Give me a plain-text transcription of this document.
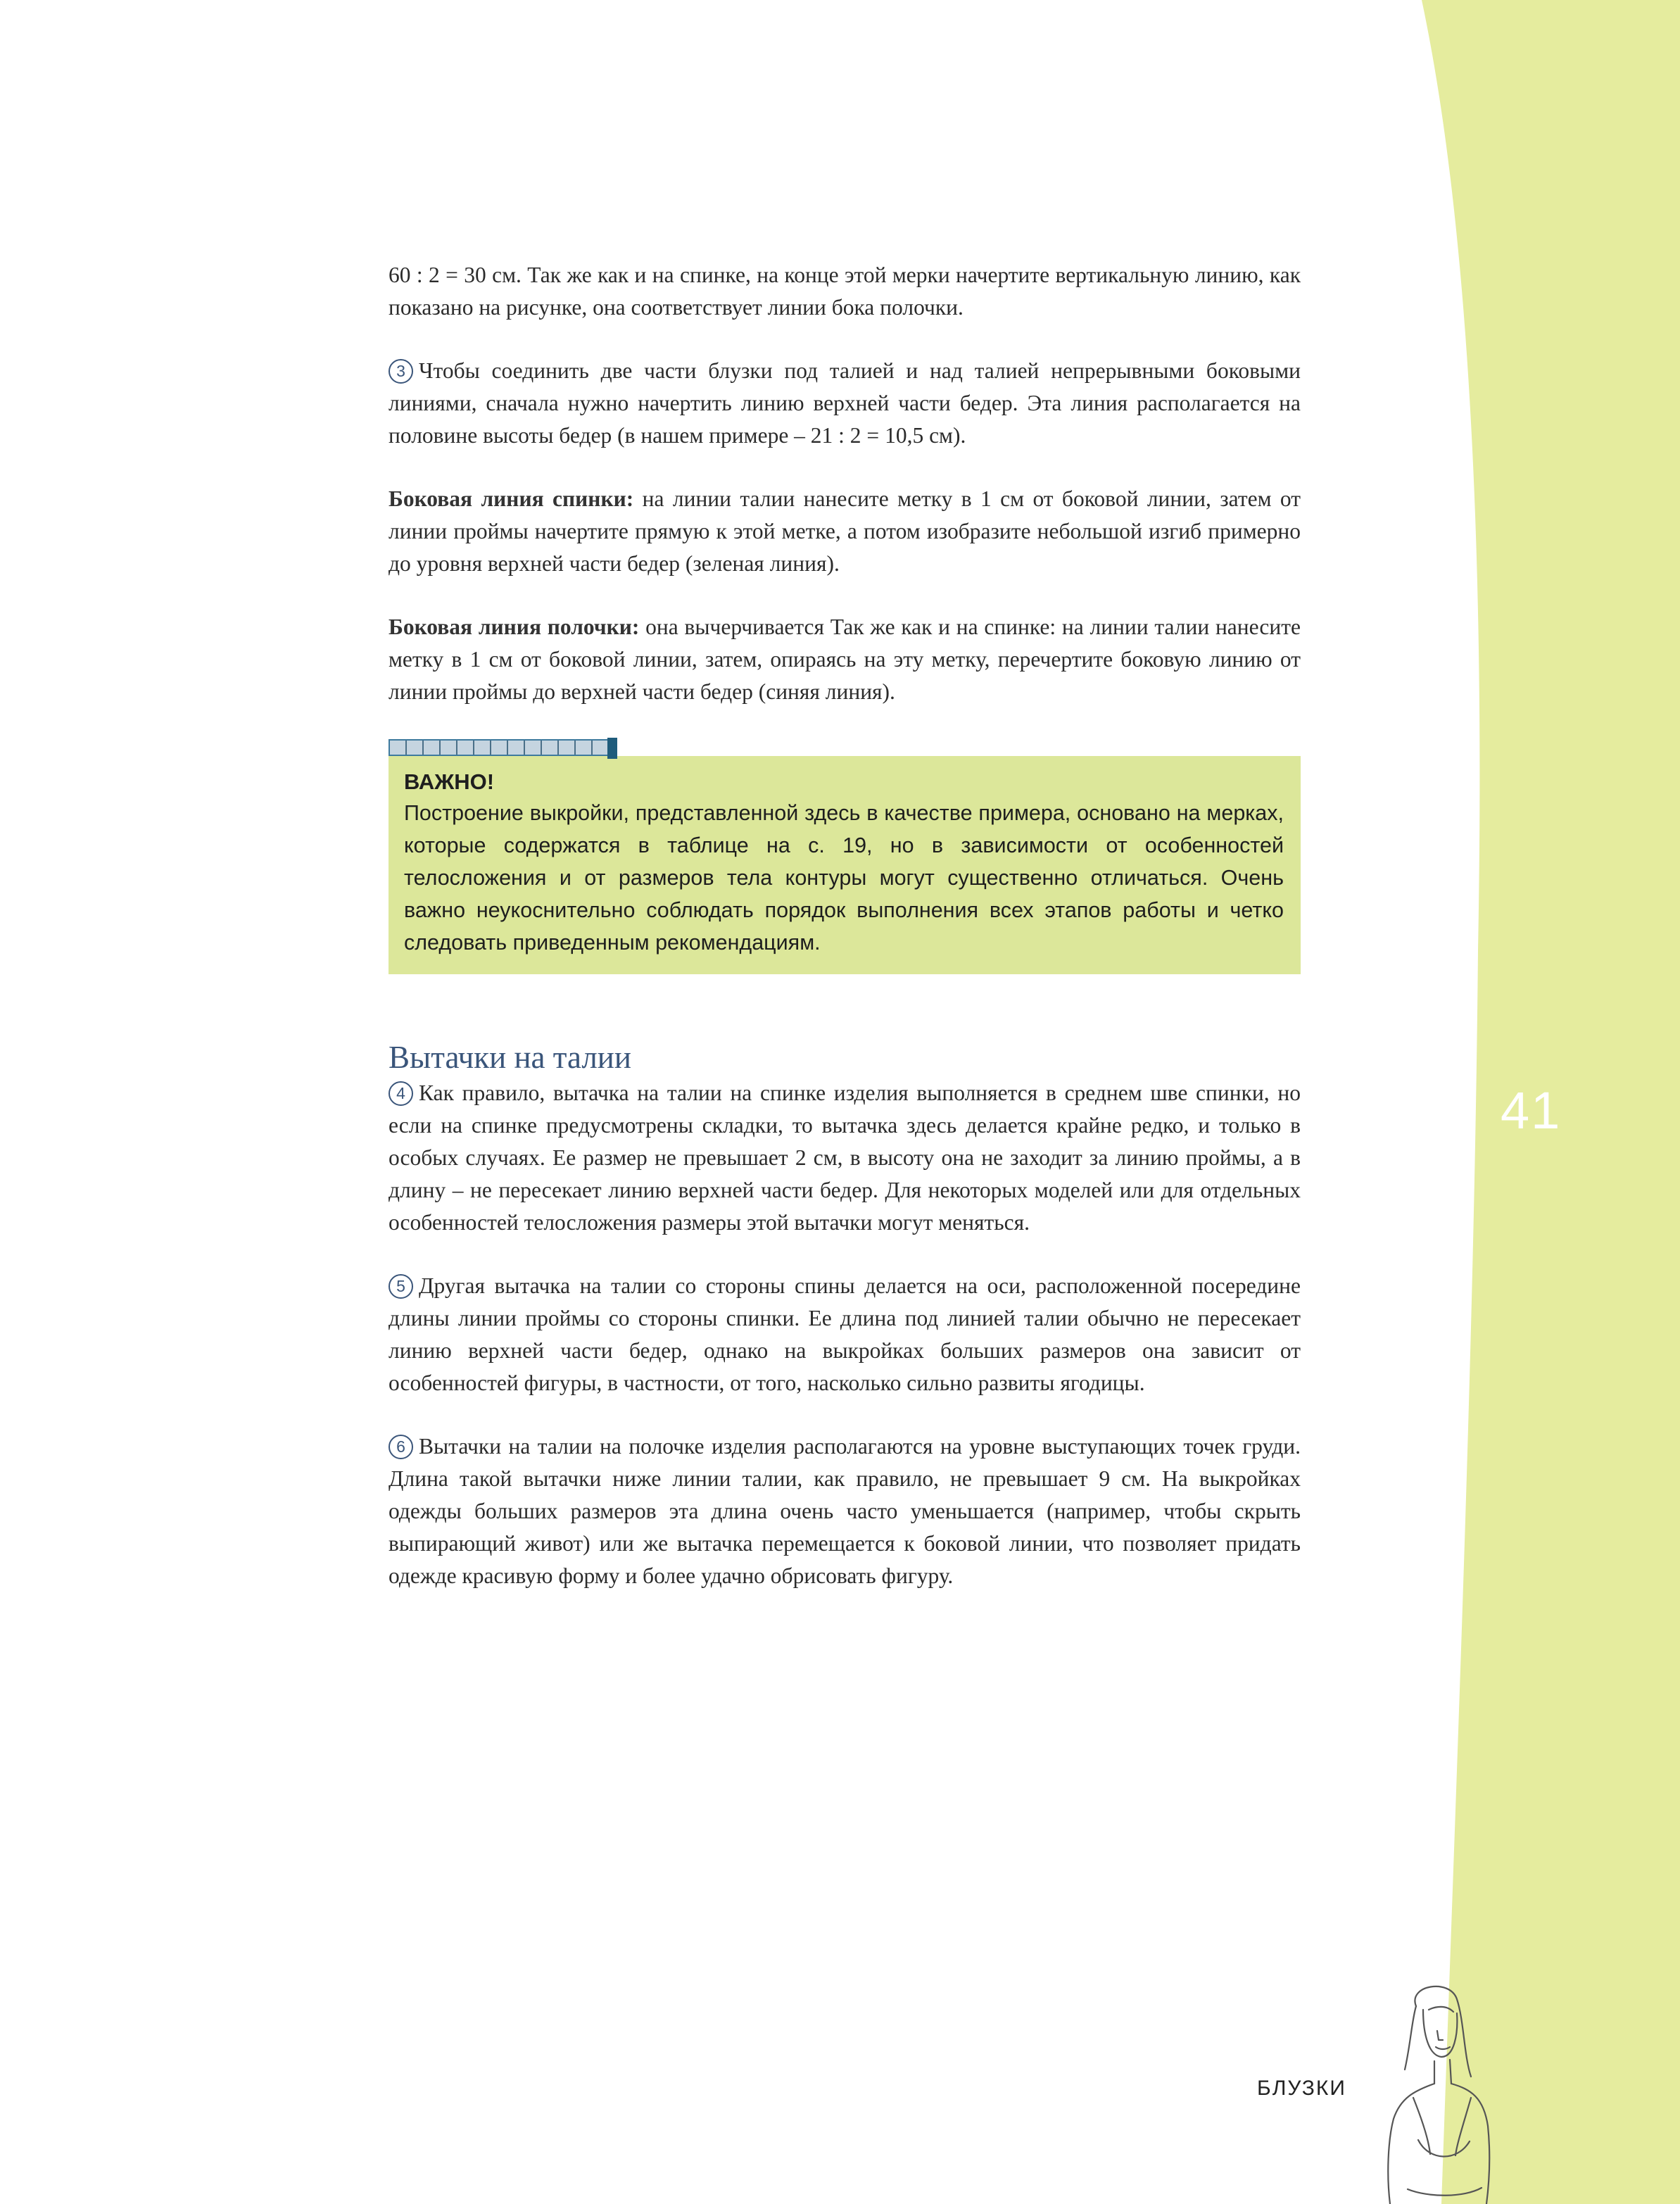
41

60 : 2 = 30 см. Так же как и на спинке, на конце этой мерки начертите вертикальную линию, как показано на рисунке, она соответствует линии бока полочки.

3 Чтобы соединить две части блузки под талией и над талией непрерывными боковыми линиями, сначала нужно начертить линию верхней части бедер. Эта линия располагается на половине высоты бедер (в нашем примере – 21 : 2 = 10,5 см).

Боковая линия спинки: на линии талии нанесите метку в 1 см от боковой линии, затем от линии проймы начертите прямую к этой метке, а потом изобразите небольшой изгиб примерно до уровня верхней части бедер (зеленая линия).

Боковая линия полочки: она вычерчивается Так же как и на спинке: на линии талии нанесите метку в 1 см от боковой линии, затем, опираясь на эту метку, перечертите боковую линию от линии проймы до верхней части бедер (синяя линия).

ВАЖНО!
Построение выкройки, представленной здесь в качестве примера, основано на мерках, которые содержатся в таблице на с. 19, но в зависимости от особенностей телосложения и от размеров тела контуры могут существенно отличаться. Очень важно неукоснительно соблюдать порядок выполнения всех этапов работы и четко следовать приведенным рекомендациям.
Вытачки на талии

4 Как правило, вытачка на талии на спинке изделия выполняется в среднем шве спинки, но если на спинке предусмотрены складки, то вытачка здесь делается крайне редко, и только в особых случаях. Ее размер не превышает 2 см, в высоту она не заходит за линию проймы, а в длину – не пересекает линию верхней части бедер. Для некоторых моделей или для отдельных особенностей телосложения размеры этой вытачки могут меняться.

5 Другая вытачка на талии со стороны спины делается на оси, расположенной посередине длины линии проймы со стороны спинки. Ее длина под линией талии обычно не пересекает линию верхней части бедер, однако на выкройках больших размеров она зависит от особенностей фигуры, в частности, от того, насколько сильно развиты ягодицы.

6 Вытачки на талии на полочке изделия располагаются на уровне выступающих точек груди. Длина такой вытачки ниже линии талии, как правило, не превышает 9 см. На выкройках одежды больших размеров эта длина очень часто уменьшается (например, чтобы скрыть выпирающий живот) или же вытачка перемещается к боковой линии, что позволяет придать одежде красивую форму и более удачно обрисовать фигуру.

БЛУЗКИ
